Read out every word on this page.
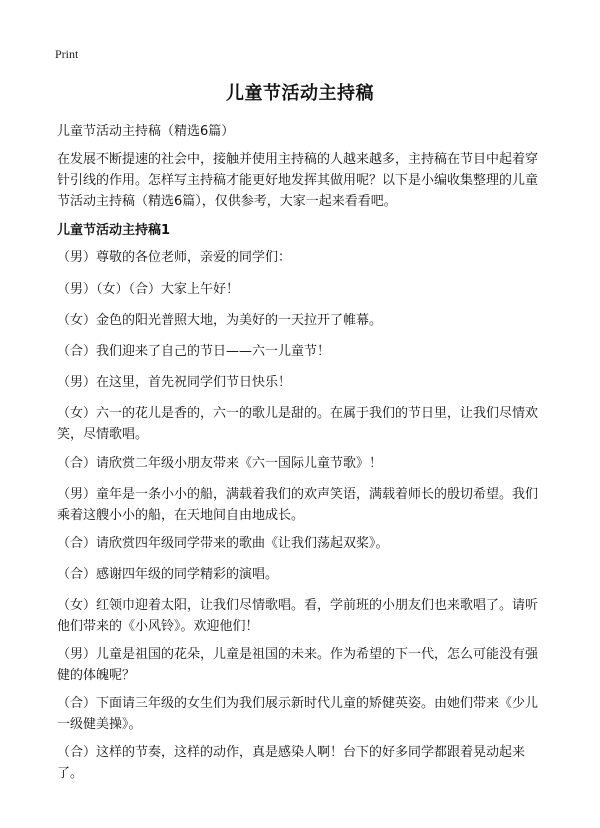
Print
儿童节活动主持稿

儿童节活动主持稿（精选6篇）

在发展不断提速的社会中，接触并使用主持稿的人越来越多，主持稿在节目中起着穿针引线的作用。怎样写主持稿才能更好地发挥其做用呢？以下是小编收集整理的儿童节活动主持稿（精选6篇），仅供参考，大家一起来看看吧。

儿童节活动主持稿1

（男）尊敬的各位老师，亲爱的同学们：

（男）（女）（合）大家上午好！

（女）金色的阳光普照大地，为美好的一天拉开了帷幕。

（合）我们迎来了自己的节日——六一儿童节！

（男）在这里，首先祝同学们节日快乐！

（女）六一的花儿是香的，六一的歌儿是甜的。在属于我们的节日里，让我们尽情欢笑，尽情歌唱。

（合）请欣赏二年级小朋友带来《六一国际儿童节歌》！

（男）童年是一条小小的船，满载着我们的欢声笑语，满载着师长的殷切希望。我们乘着这艘小小的船，在天地间自由地成长。

（合）请欣赏四年级同学带来的歌曲《让我们荡起双桨》。

（合）感谢四年级的同学精彩的演唱。

（女）红领巾迎着太阳，让我们尽情歌唱。看，学前班的小朋友们也来歌唱了。请听他们带来的《小风铃》。欢迎他们！

（男）儿童是祖国的花朵，儿童是祖国的未来。作为希望的下一代，怎么可能没有强健的体魄呢？

（合）下面请三年级的女生们为我们展示新时代儿童的矫健英姿。由她们带来《少儿一级健美操》。

（合）这样的节奏，这样的动作，真是感染人啊！台下的好多同学都跟着晃动起来了。
